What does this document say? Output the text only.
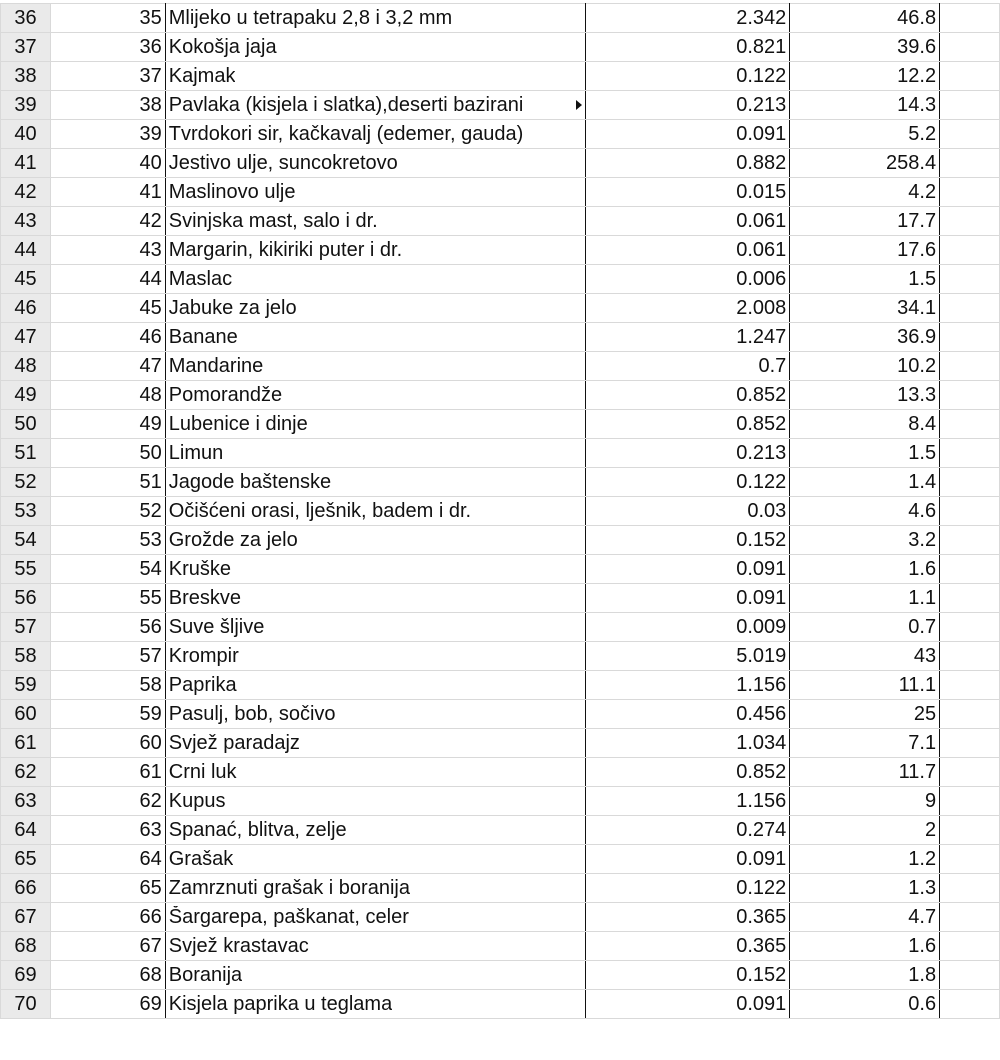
36	35	Mlijeko u tetrapaku 2,8 i 3,2 mm	2.342	46.8	
37	36	Kokošja jaja	0.821	39.6	
38	37	Kajmak	0.122	12.2	
39	38	Pavlaka (kisjela i slatka),deserti bazirani	0.213	14.3	
40	39	Tvrdokori sir, kačkavalj (edemer, gauda)	0.091	5.2	
41	40	Jestivo ulje, suncokretovo	0.882	258.4	
42	41	Maslinovo ulje	0.015	4.2	
43	42	Svinjska mast, salo i dr.	0.061	17.7	
44	43	Margarin, kikiriki puter i dr.	0.061	17.6	
45	44	Maslac	0.006	1.5	
46	45	Jabuke za jelo	2.008	34.1	
47	46	Banane	1.247	36.9	
48	47	Mandarine	0.7	10.2	
49	48	Pomorandže	0.852	13.3	
50	49	Lubenice i dinje	0.852	8.4	
51	50	Limun	0.213	1.5	
52	51	Jagode baštenske	0.122	1.4	
53	52	Očišćeni orasi, lješnik, badem i dr.	0.03	4.6	
54	53	Grožde za jelo	0.152	3.2	
55	54	Kruške	0.091	1.6	
56	55	Breskve	0.091	1.1	
57	56	Suve šljive	0.009	0.7	
58	57	Krompir	5.019	43	
59	58	Paprika	1.156	11.1	
60	59	Pasulj, bob, sočivo	0.456	25	
61	60	Svjež paradajz	1.034	7.1	
62	61	Crni luk	0.852	11.7	
63	62	Kupus	1.156	9	
64	63	Spanać, blitva, zelje	0.274	2	
65	64	Grašak	0.091	1.2	
66	65	Zamrznuti grašak i boranija	0.122	1.3	
67	66	Šargarepa, paškanat, celer	0.365	4.7	
68	67	Svjež krastavac	0.365	1.6	
69	68	Boranija	0.152	1.8	
70	69	Kisjela paprika u teglama	0.091	0.6	
